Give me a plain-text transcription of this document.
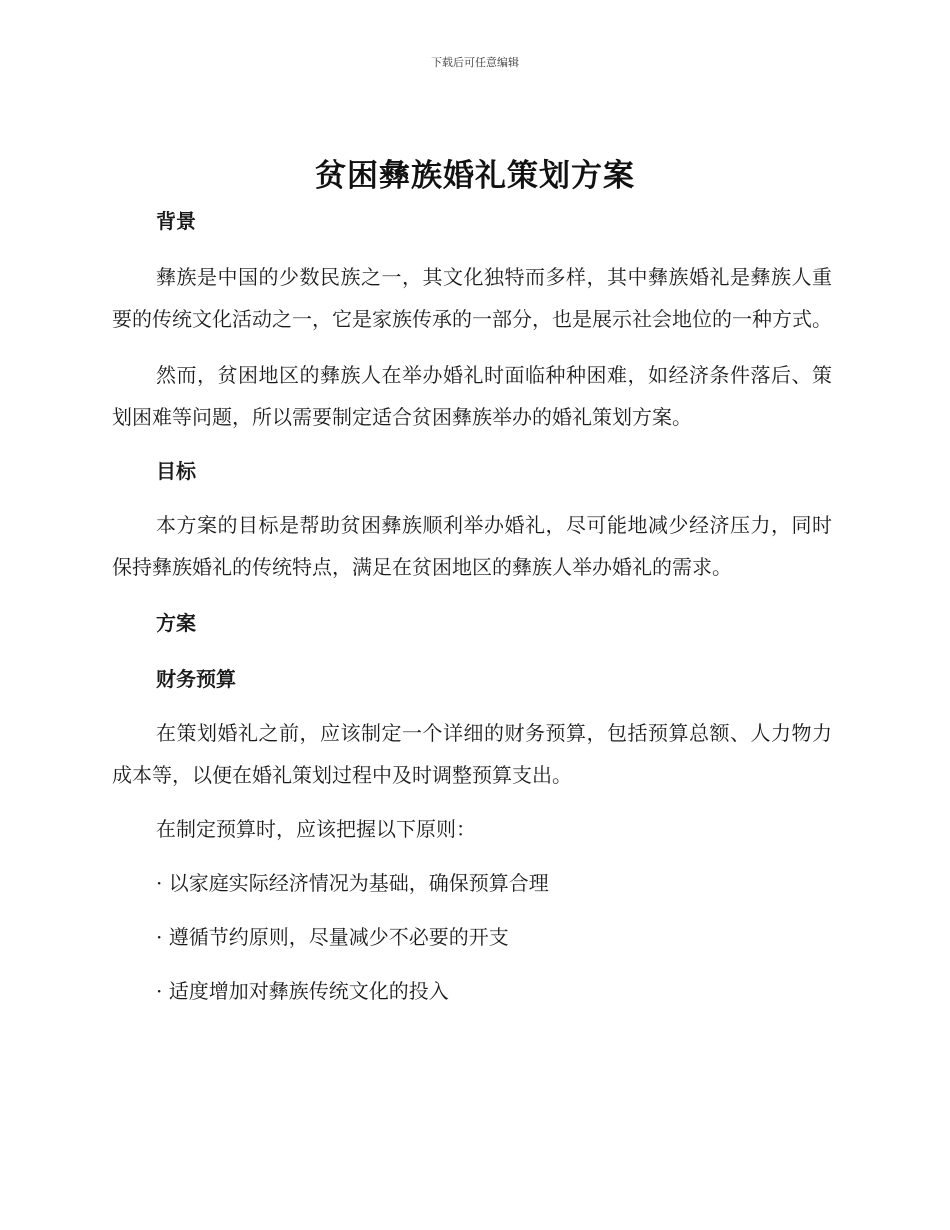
下载后可任意编辑
贫困彝族婚礼策划方案
背景
彝族是中国的少数民族之一，其文化独特而多样，其中彝族婚礼是彝族人重要的传统文化活动之一，它是家族传承的一部分，也是展示社会地位的一种方式。
然而，贫困地区的彝族人在举办婚礼时面临种种困难，如经济条件落后、策划困难等问题，所以需要制定适合贫困彝族举办的婚礼策划方案。
目标
本方案的目标是帮助贫困彝族顺利举办婚礼，尽可能地减少经济压力，同时保持彝族婚礼的传统特点，满足在贫困地区的彝族人举办婚礼的需求。
方案
财务预算
在策划婚礼之前，应该制定一个详细的财务预算，包括预算总额、人力物力成本等，以便在婚礼策划过程中及时调整预算支出。
在制定预算时，应该把握以下原则：
· 以家庭实际经济情况为基础，确保预算合理
· 遵循节约原则，尽量减少不必要的开支
· 适度增加对彝族传统文化的投入
